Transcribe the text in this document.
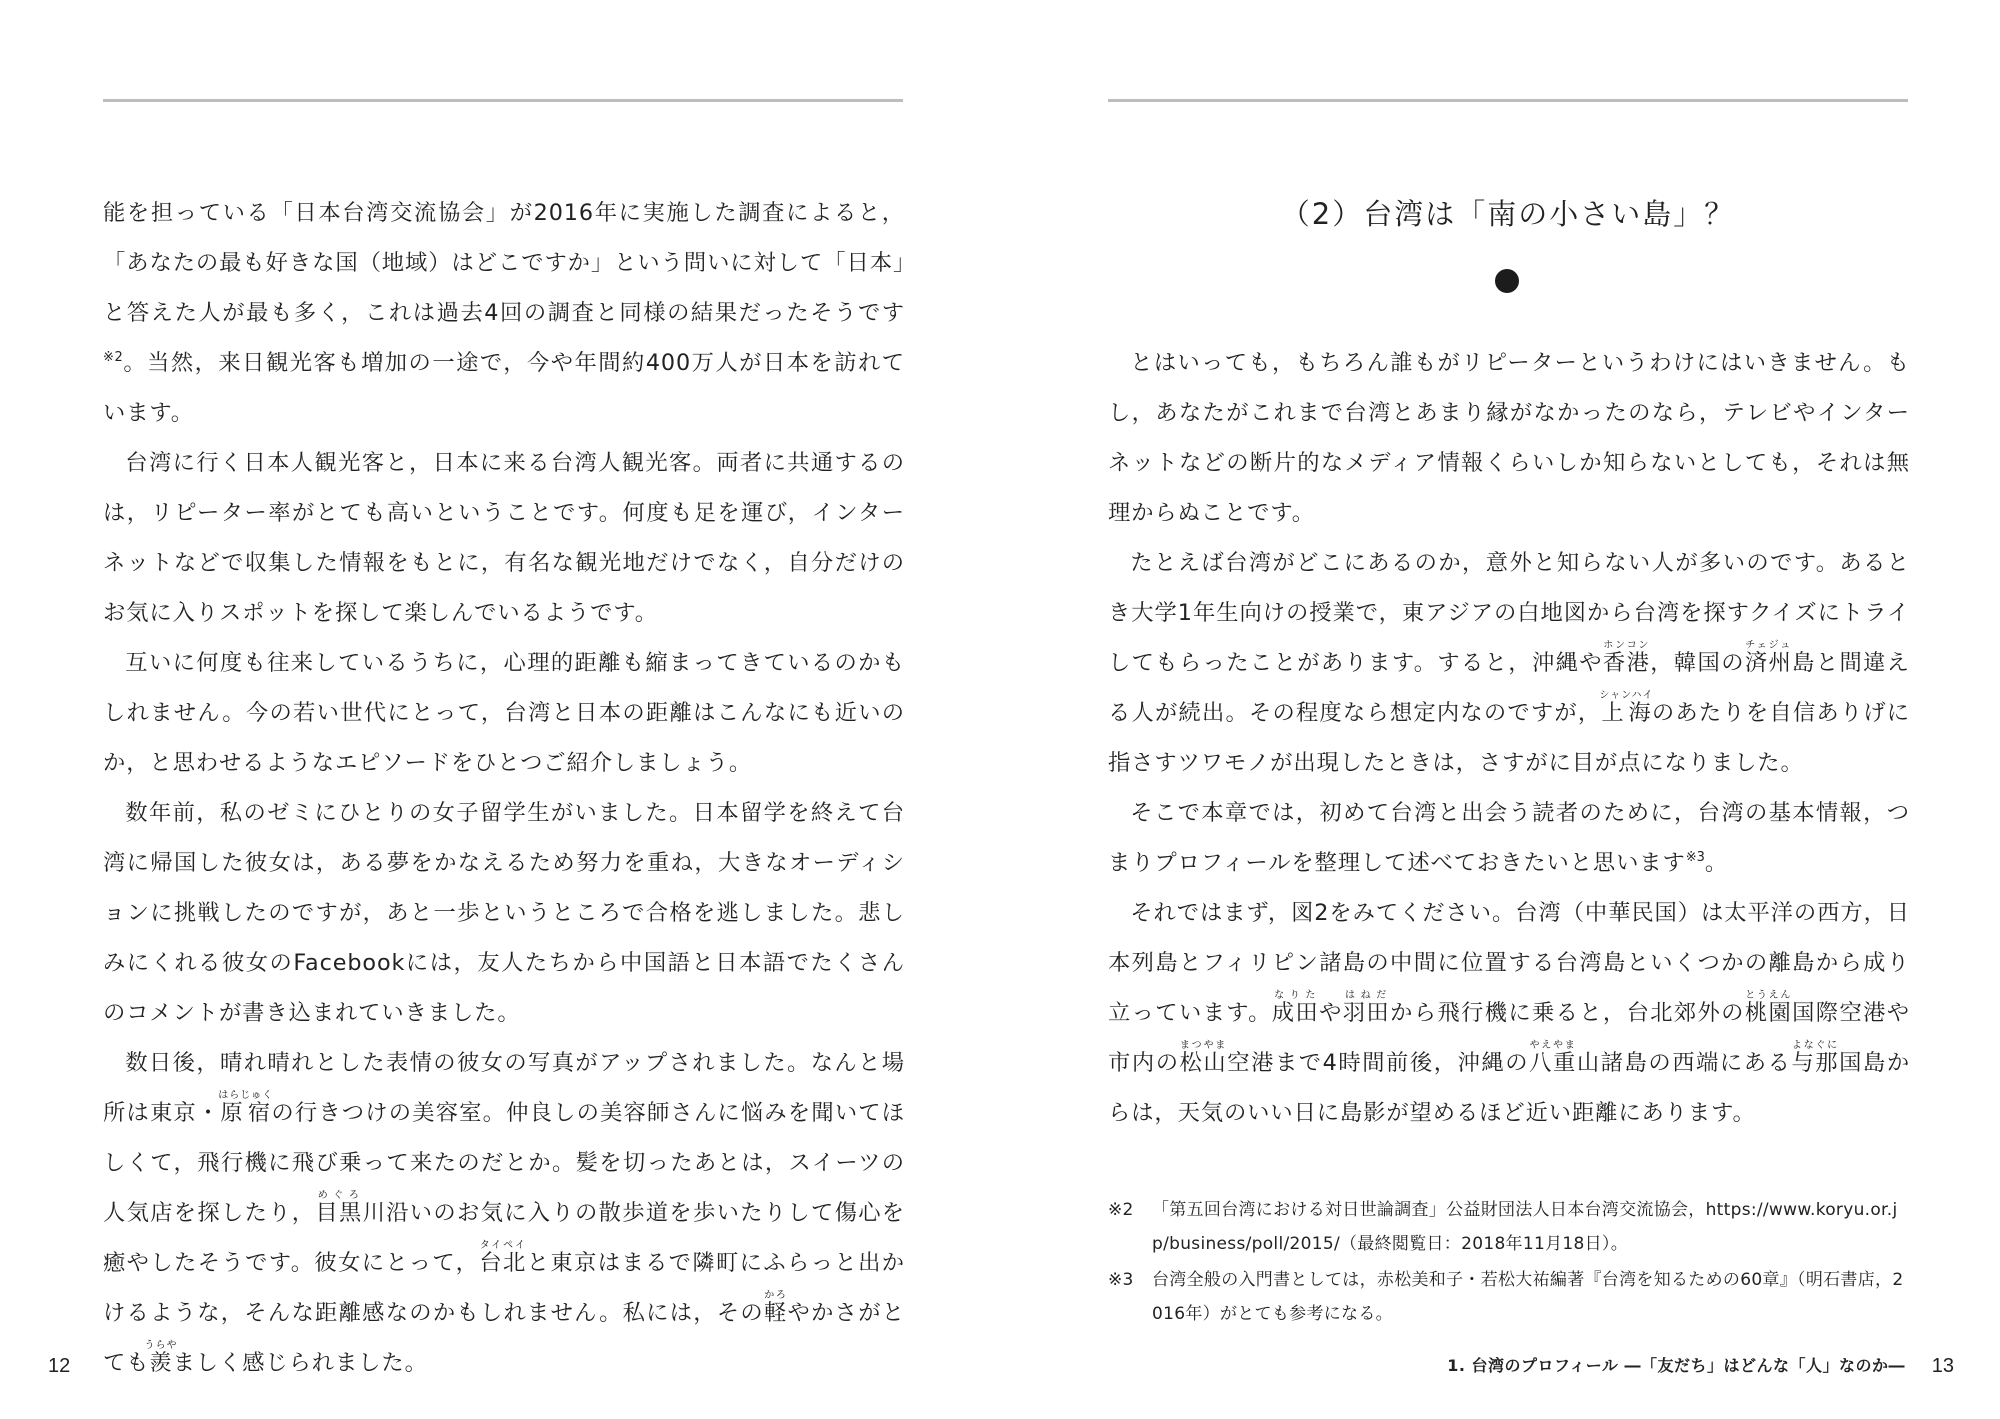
能を担っている「日本台湾交流協会」が2016年に実施した調査によると，「あなたの最も好きな国（地域）はどこですか」という問いに対して「日本」と答えた人が最も多く，これは過去4回の調査と同様の結果だったそうです$^{※2}$。当然，来日観光客も増加の一途で，今や年間約400万人が日本を訪れています。

台湾に行く日本人観光客と，日本に来る台湾人観光客。両者に共通するのは，リピーター率がとても高いということです。何度も足を運び，インターネットなどで収集した情報をもとに，有名な観光地だけでなく，自分だけのお気に入りスポットを探して楽しんでいるようです。

互いに何度も往来しているうちに，心理的距離も縮まってきているのかもしれません。今の若い世代にとって，台湾と日本の距離はこんなにも近いのか，と思わせるようなエピソードをひとつご紹介しましょう。

数年前，私のゼミにひとりの女子留学生がいました。日本留学を終えて台湾に帰国した彼女は，ある夢をかなえるため努力を重ね，大きなオーディションに挑戦したのですが，あと一歩というところで合格を逃しました。悲しみにくれる彼女のFacebookには，友人たちから中国語と日本語でたくさんのコメントが書き込まれていきました。

数日後，晴れ晴れとした表情の彼女の写真がアップされました。なんと場所は東京・原宿はらじゅくの行きつけの美容室。仲良しの美容師さんに悩みを聞いてほしくて，飛行機に飛び乗って来たのだとか。髪を切ったあとは，スイーツの人気店を探したり，目黒めぐろ川沿いのお気に入りの散歩道を歩いたりして傷心を癒やしたそうです。彼女にとって，台北タイペイと東京はまるで隣町にふらっと出かけるような，そんな距離感なのかもしれません。私には，その軽かろやかさがとても羨うらやましく感じられました。

12
（2）台湾は「南の小さい島」？

とはいっても，もちろん誰もがリピーターというわけにはいきません。もし，あなたがこれまで台湾とあまり縁がなかったのなら，テレビやインターネットなどの断片的なメディア情報くらいしか知らないとしても，それは無理からぬことです。

たとえば台湾がどこにあるのか，意外と知らない人が多いのです。あるとき大学1年生向けの授業で，東アジアの白地図から台湾を探すクイズにトライしてもらったことがあります。すると，沖縄や香港ホンコン，韓国の済州チェジュ島と間違える人が続出。その程度なら想定内なのですが，上海シャンハイのあたりを自信ありげに指さすツワモノが出現したときは，さすがに目が点になりました。

そこで本章では，初めて台湾と出会う読者のために，台湾の基本情報，つまりプロフィールを整理して述べておきたいと思います$^{※3}$。

それではまず，図2をみてください。台湾（中華民国）は太平洋の西方，日本列島とフィリピン諸島の中間に位置する台湾島といくつかの離島から成り立っています。成田なりたや羽田はねだから飛行機に乗ると，台北郊外の桃園とうえん国際空港や市内の松山まつやま空港まで4時間前後，沖縄の八重やえやま山諸島の西端にある与那よなぐに国島からは，天気のいい日に島影が望めるほど近い距離にあります。

※2	「第五回台湾における対日世論調査」公益財団法人日本台湾交流協会，https://www.koryu.or.jp/business/poll/2015/（最終閲覧日：2018年11月18日）。
※3	台湾全般の入門書としては，赤松美和子・若松大祐編著『台湾を知るための60章』（明石書店，2016年）がとても参考になる。
1. 台湾のプロフィール ―「友だち」はどんな「人」なのか― 13
